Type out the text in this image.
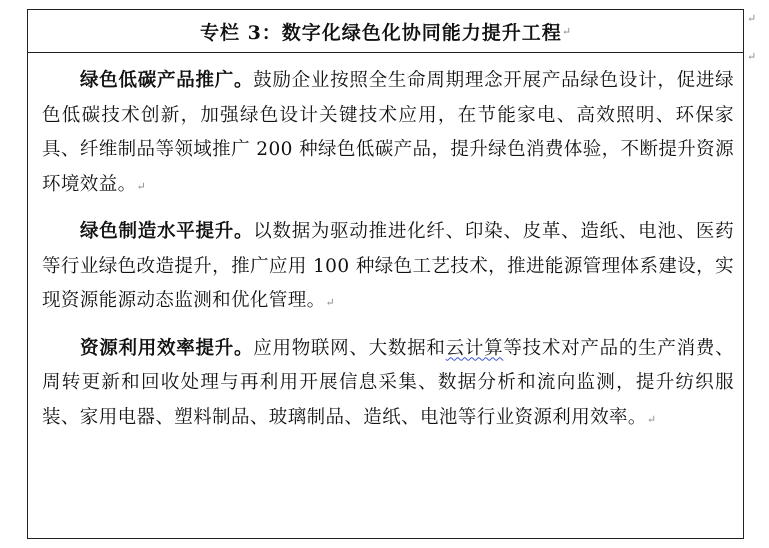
专栏 3：数字化绿色化协同能力提升工程 ↵

绿色低碳产品推广。鼓励企业按照全生命周期理念开展产品绿色设计，促进绿色低碳技术创新，加强绿色设计关键技术应用，在节能家电、高效照明、环保家具、纤维制品等领域推广 200 种绿色低碳产品，提升绿色消费体验，不断提升资源环境效益。↵

绿色制造水平提升。以数据为驱动推进化纤、印染、皮革、造纸、电池、医药等行业绿色改造提升，推广应用 100 种绿色工艺技术，推进能源管理体系建设，实现资源能源动态监测和优化管理。↵

资源利用效率提升。应用物联网、大数据和云计算等技术对产品的生产消费、周转更新和回收处理与再利用开展信息采集、数据分析和流向监测，提升纺织服装、家用电器、塑料制品、玻璃制品、造纸、电池等行业资源利用效率。↵

↵
↵
